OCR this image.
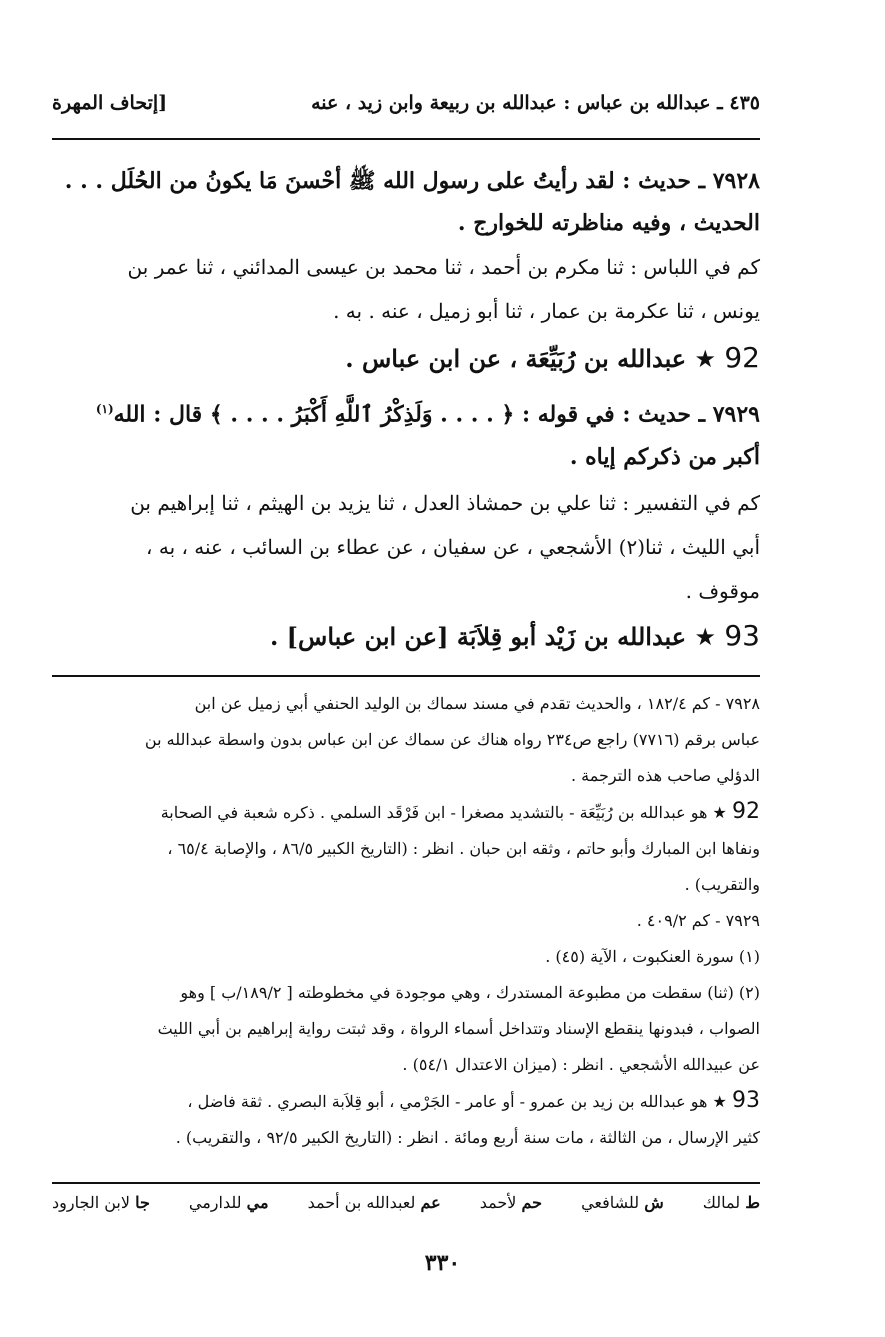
٤٣٥ ـ عبدالله بن عباس : عبدالله بن ربيعة وابن زيد ، عنه
[إتحاف المهرة
٧٩٢٨ ـ حديث : لقد رأيتُ على رسول الله ﷺ أحْسنَ مَا يكونُ من الحُلَل . . .
الحديث ، وفيه مناظرته للخوارج .
كم في اللباس : ثنا مكرم بن أحمد ، ثنا محمد بن عيسى المدائني ، ثنا عمر بن
يونس ، ثنا عكرمة بن عمار ، ثنا أبو زميل ، عنه . به .
92 ★ عبدالله بن رُبَيِّعَة ، عن ابن عباس .
٧٩٢٩ ـ حديث : في قوله : ﴿ . . . . وَلَذِكْرُ ٱللَّهِ أَكْبَرُ . . . . ﴾ قال : الله$^{(١)}$
أكبر من ذكركم إياه .
كم في التفسير : ثنا علي بن حمشاذ العدل ، ثنا يزيد بن الهيثم ، ثنا إبراهيم بن
أبي الليث ، ثنا(٢) الأشجعي ، عن سفيان ، عن عطاء بن السائب ، عنه ، به ،
موقوف .
93 ★ عبدالله بن زَيْد أبو قِلاَبَة [عن ابن عباس] .
٧٩٢٨ - كم ١٨٢/٤ ، والحديث تقدم في مسند سماك بن الوليد الحنفي أبي زميل عن ابن
عباس برقم (٧٧١٦) راجع ص٢٣٤ رواه هناك عن سماك عن ابن عباس بدون واسطة عبدالله بن
الدؤلي صاحب هذه الترجمة .
92 ★ هو عبدالله بن رُبَيِّعَة - بالتشديد مصغرا - ابن فَرْقَد السلمي . ذكره شعبة في الصحابة
ونفاها ابن المبارك وأبو حاتم ، وثقه ابن حبان . انظر : (التاريخ الكبير ٨٦/٥ ، والإصابة ٦٥/٤ ،
والتقريب) .
٧٩٢٩ - كم ٤٠٩/٢ .
(١) سورة العنكبوت ، الآية (٤٥) .
(٢) (ثنا) سقطت من مطبوعة المستدرك ، وهي موجودة في مخطوطته [ ١٨٩/٢/ب ] وهو
الصواب ، فبدونها ينقطع الإسناد وتتداخل أسماء الرواة ، وقد ثبتت رواية إبراهيم بن أبي الليث
عن عبيدالله الأشجعي . انظر : (ميزان الاعتدال ٥٤/١) .
93 ★ هو عبدالله بن زيد بن عمرو - أو عامر - الجَرْمي ، أبو قِلاَبة البصري . ثقة فاضل ،
كثير الإرسال ، من الثالثة ، مات سنة أربع ومائة . انظر : (التاريخ الكبير ٩٢/٥ ، والتقريب) .
ط لمالك
ش للشافعي
حم لأحمد
عم لعبدالله بن أحمد
مي للدارمي
جا لابن الجارود
٣٣٠
